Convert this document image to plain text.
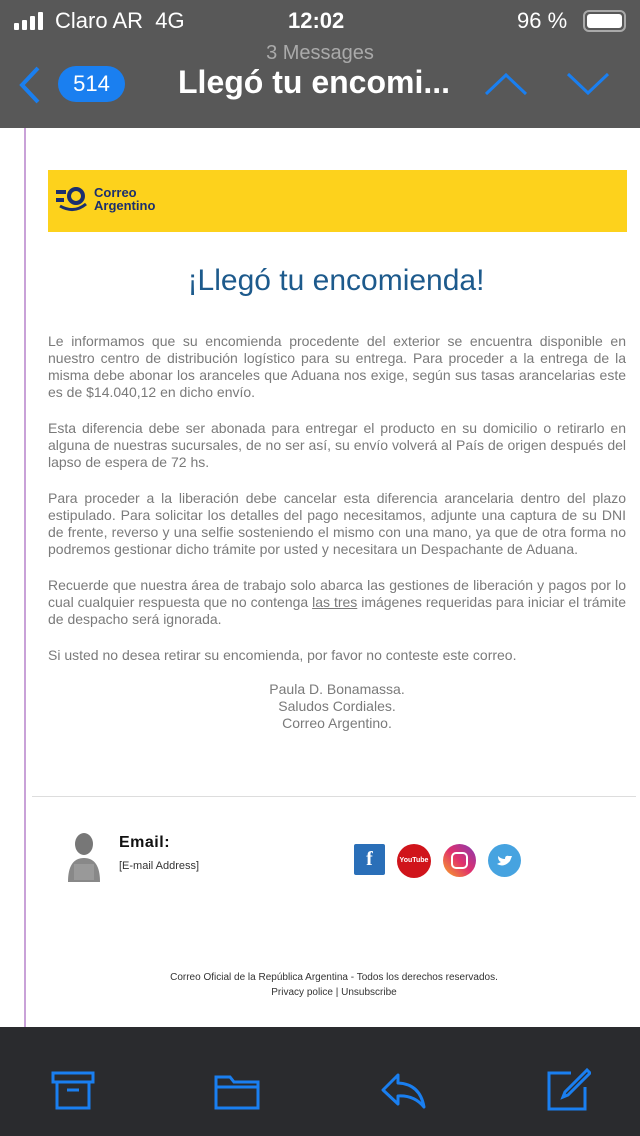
Claro AR 4G	12:02	96 %
3 Messages
514	Llegó tu encomi...
Correo
Argentino
¡Llegó tu encomienda!

Le informamos que su encomienda procedente del exterior se encuentra disponible en nuestro centro de distribución logístico para su entrega. Para proceder a la entrega de la misma debe abonar los aranceles que Aduana nos exige, según sus tasas arancelarias este es de $14.040,12 en dicho envío.

Esta diferencia debe ser abonada para entregar el producto en su domicilio o retirarlo en alguna de nuestras sucursales, de no ser así, su envío volverá al País de origen después del lapso de espera de 72 hs.

Para proceder a la liberación debe cancelar esta diferencia arancelaria dentro del plazo estipulado. Para solicitar los detalles del pago necesitamos, adjunte una captura de su DNI de frente, reverso y una selfie sosteniendo el mismo con una mano, ya que de otra forma no podremos gestionar dicho trámite por usted y necesitara un Despachante de Aduana.

Recuerde que nuestra área de trabajo solo abarca las gestiones de liberación y pagos por lo cual cualquier respuesta que no contenga las tres imágenes requeridas para iniciar el trámite de despacho será ignorada.

Si usted no desea retirar su encomienda, por favor no conteste este correo.

Paula D. Bonamassa.
Saludos Cordiales.
Correo Argentino.
Email:
[E-mail Address]	f	YouTube
Correo Oficial de la República Argentina - Todos los derechos reservados.
Privacy police | Unsubscribe
